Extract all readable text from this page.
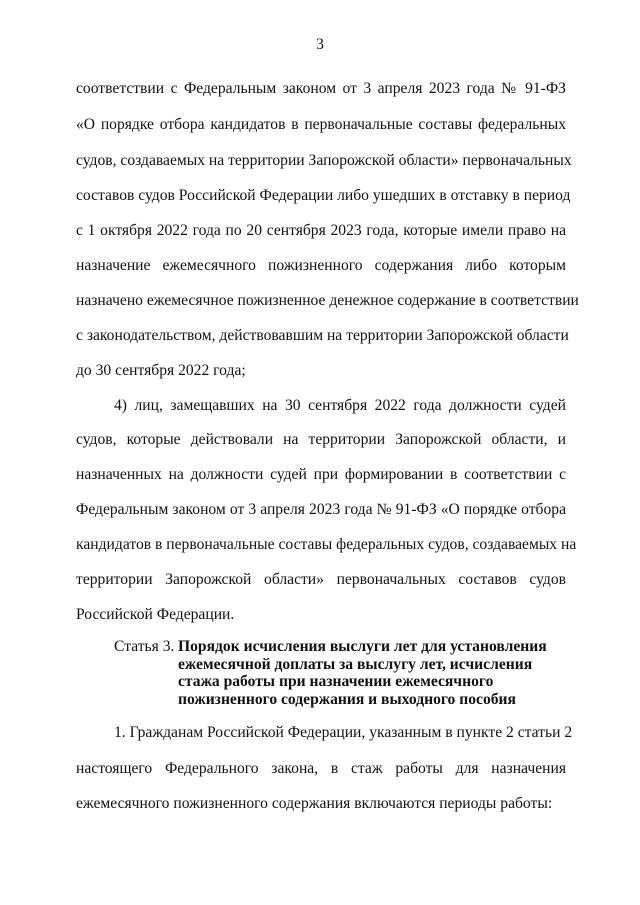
3
соответствии с Федеральным законом от 3 апреля 2023 года № 91-ФЗ
«О порядке отбора кандидатов в первоначальные составы федеральных
судов, создаваемых на территории Запорожской области» первоначальных
составов судов Российской Федерации либо ушедших в отставку в период
с 1 октября 2022 года по 20 сентября 2023 года, которые имели право на
назначение ежемесячного пожизненного содержания либо которым
назначено ежемесячное пожизненное денежное содержание в соответствии
с законодательством, действовавшим на территории Запорожской области
до 30 сентября 2022 года;
4) лиц, замещавших на 30 сентября 2022 года должности судей
судов, которые действовали на территории Запорожской области, и
назначенных на должности судей при формировании в соответствии с
Федеральным законом от 3 апреля 2023 года № 91-ФЗ «О порядке отбора
кандидатов в первоначальные составы федеральных судов, создаваемых на
территории Запорожской области» первоначальных составов судов
Российской Федерации.
Статья 3. Порядок исчисления выслуги лет для установления
ежемесячной доплаты за выслугу лет, исчисления
стажа работы при назначении ежемесячного
пожизненного содержания и выходного пособия
1. Гражданам Российской Федерации, указанным в пункте 2 статьи 2
настоящего Федерального закона, в стаж работы для назначения
ежемесячного пожизненного содержания включаются периоды работы:
